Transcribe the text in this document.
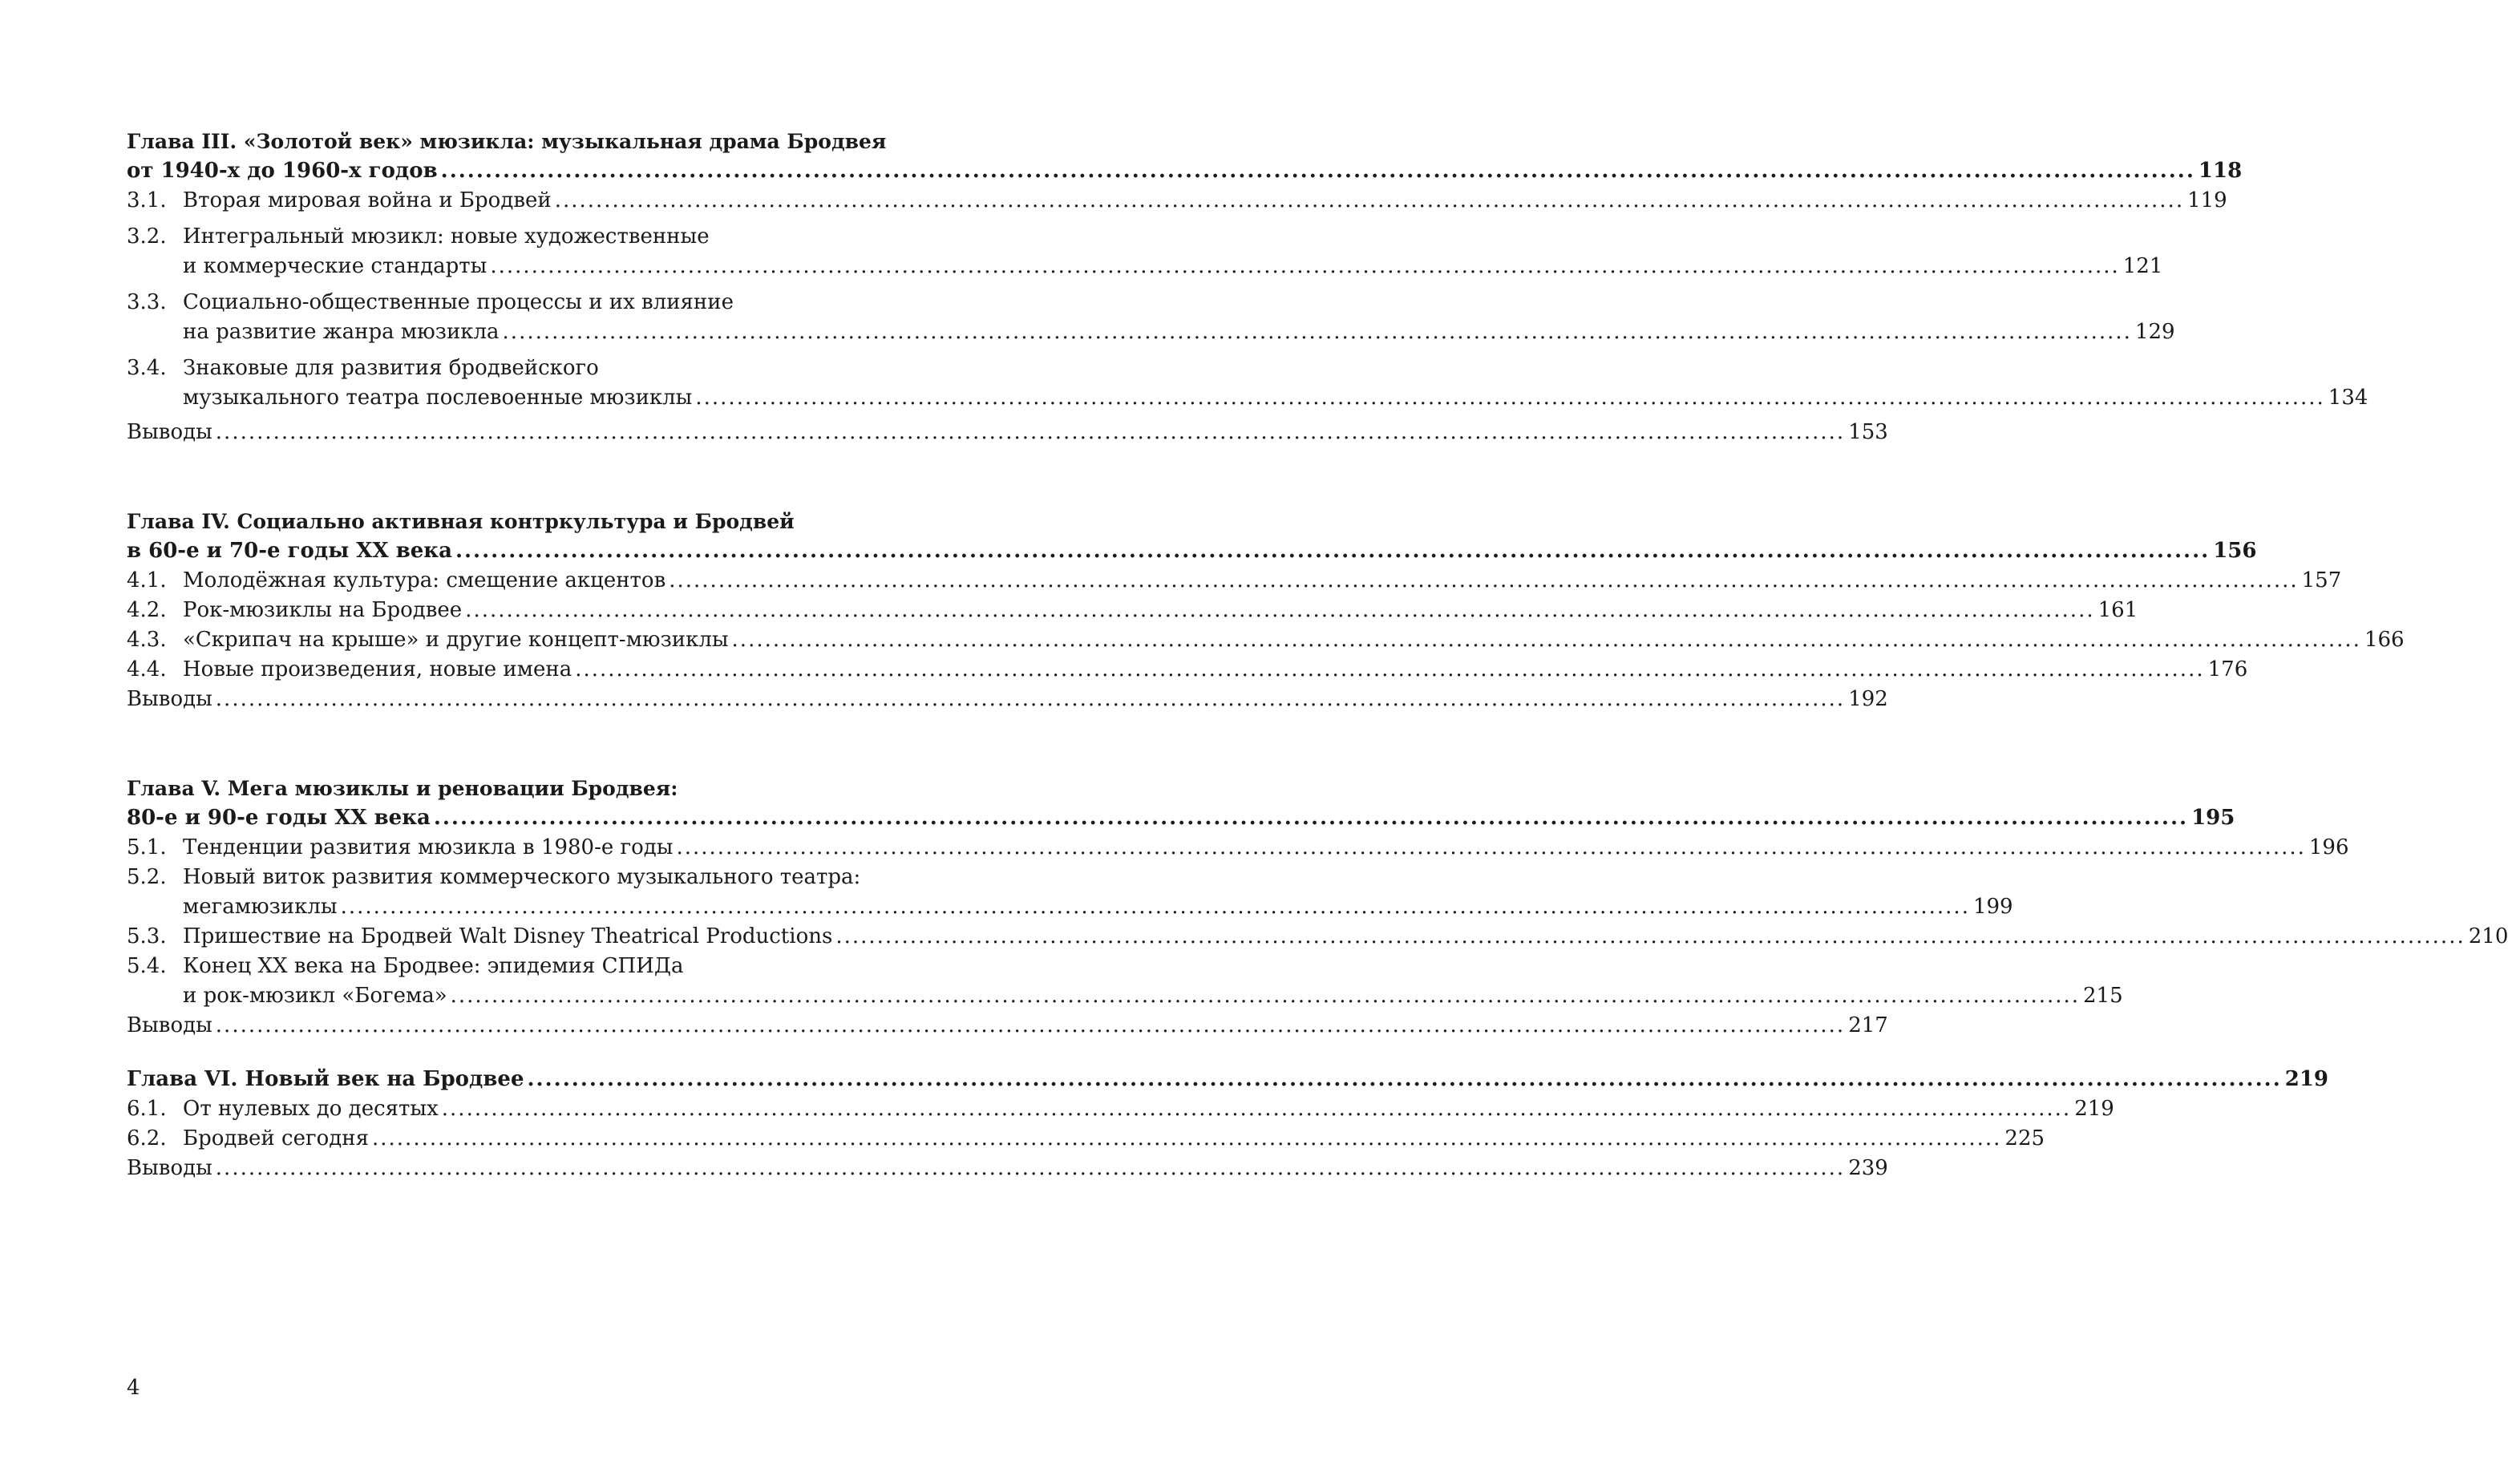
Глава III. «Золотой век» мюзикла: музыкальная драма Бродвея
от 1940-х до 1960-х годов .....	118
3.1. Вторая мировая война и Бродвей .....	119
3.2. Интегральный мюзикл: новые художественные
и коммерческие стандарты .....	121
3.3. Социально-общественные процессы и их влияние
на развитие жанра мюзикла .....	129
3.4. Знаковые для развития бродвейского
музыкального театра послевоенные мюзиклы .....	134
Выводы .....	153
Глава IV. Социально активная контркультура и Бродвей
в 60-е и 70-е годы ХХ века .....	156
4.1. Молодёжная культура: смещение акцентов .....	157
4.2. Рок-мюзиклы на Бродвее .....	161
4.3. «Скрипач на крыше» и другие концепт-мюзиклы .....	166
4.4. Новые произведения, новые имена .....	176
Выводы .....	192
Глава V. Мега мюзиклы и реновации Бродвея:
80-е и 90-е годы ХХ века .....	195
5.1. Тенденции развития мюзикла в 1980-е годы .....	196
5.2. Новый виток развития коммерческого музыкального театра:
мегамюзиклы .....	199
5.3. Пришествие на Бродвей Walt Disney Theatrical Productions .....	210
5.4. Конец ХХ века на Бродвее: эпидемия СПИДа
и рок-мюзикл «Богема» .....	215
Выводы .....	217
Глава VI. Новый век на Бродвее .....	219
6.1. От нулевых до десятых .....	219
6.2. Бродвей сегодня .....	225
Выводы .....	239
4
